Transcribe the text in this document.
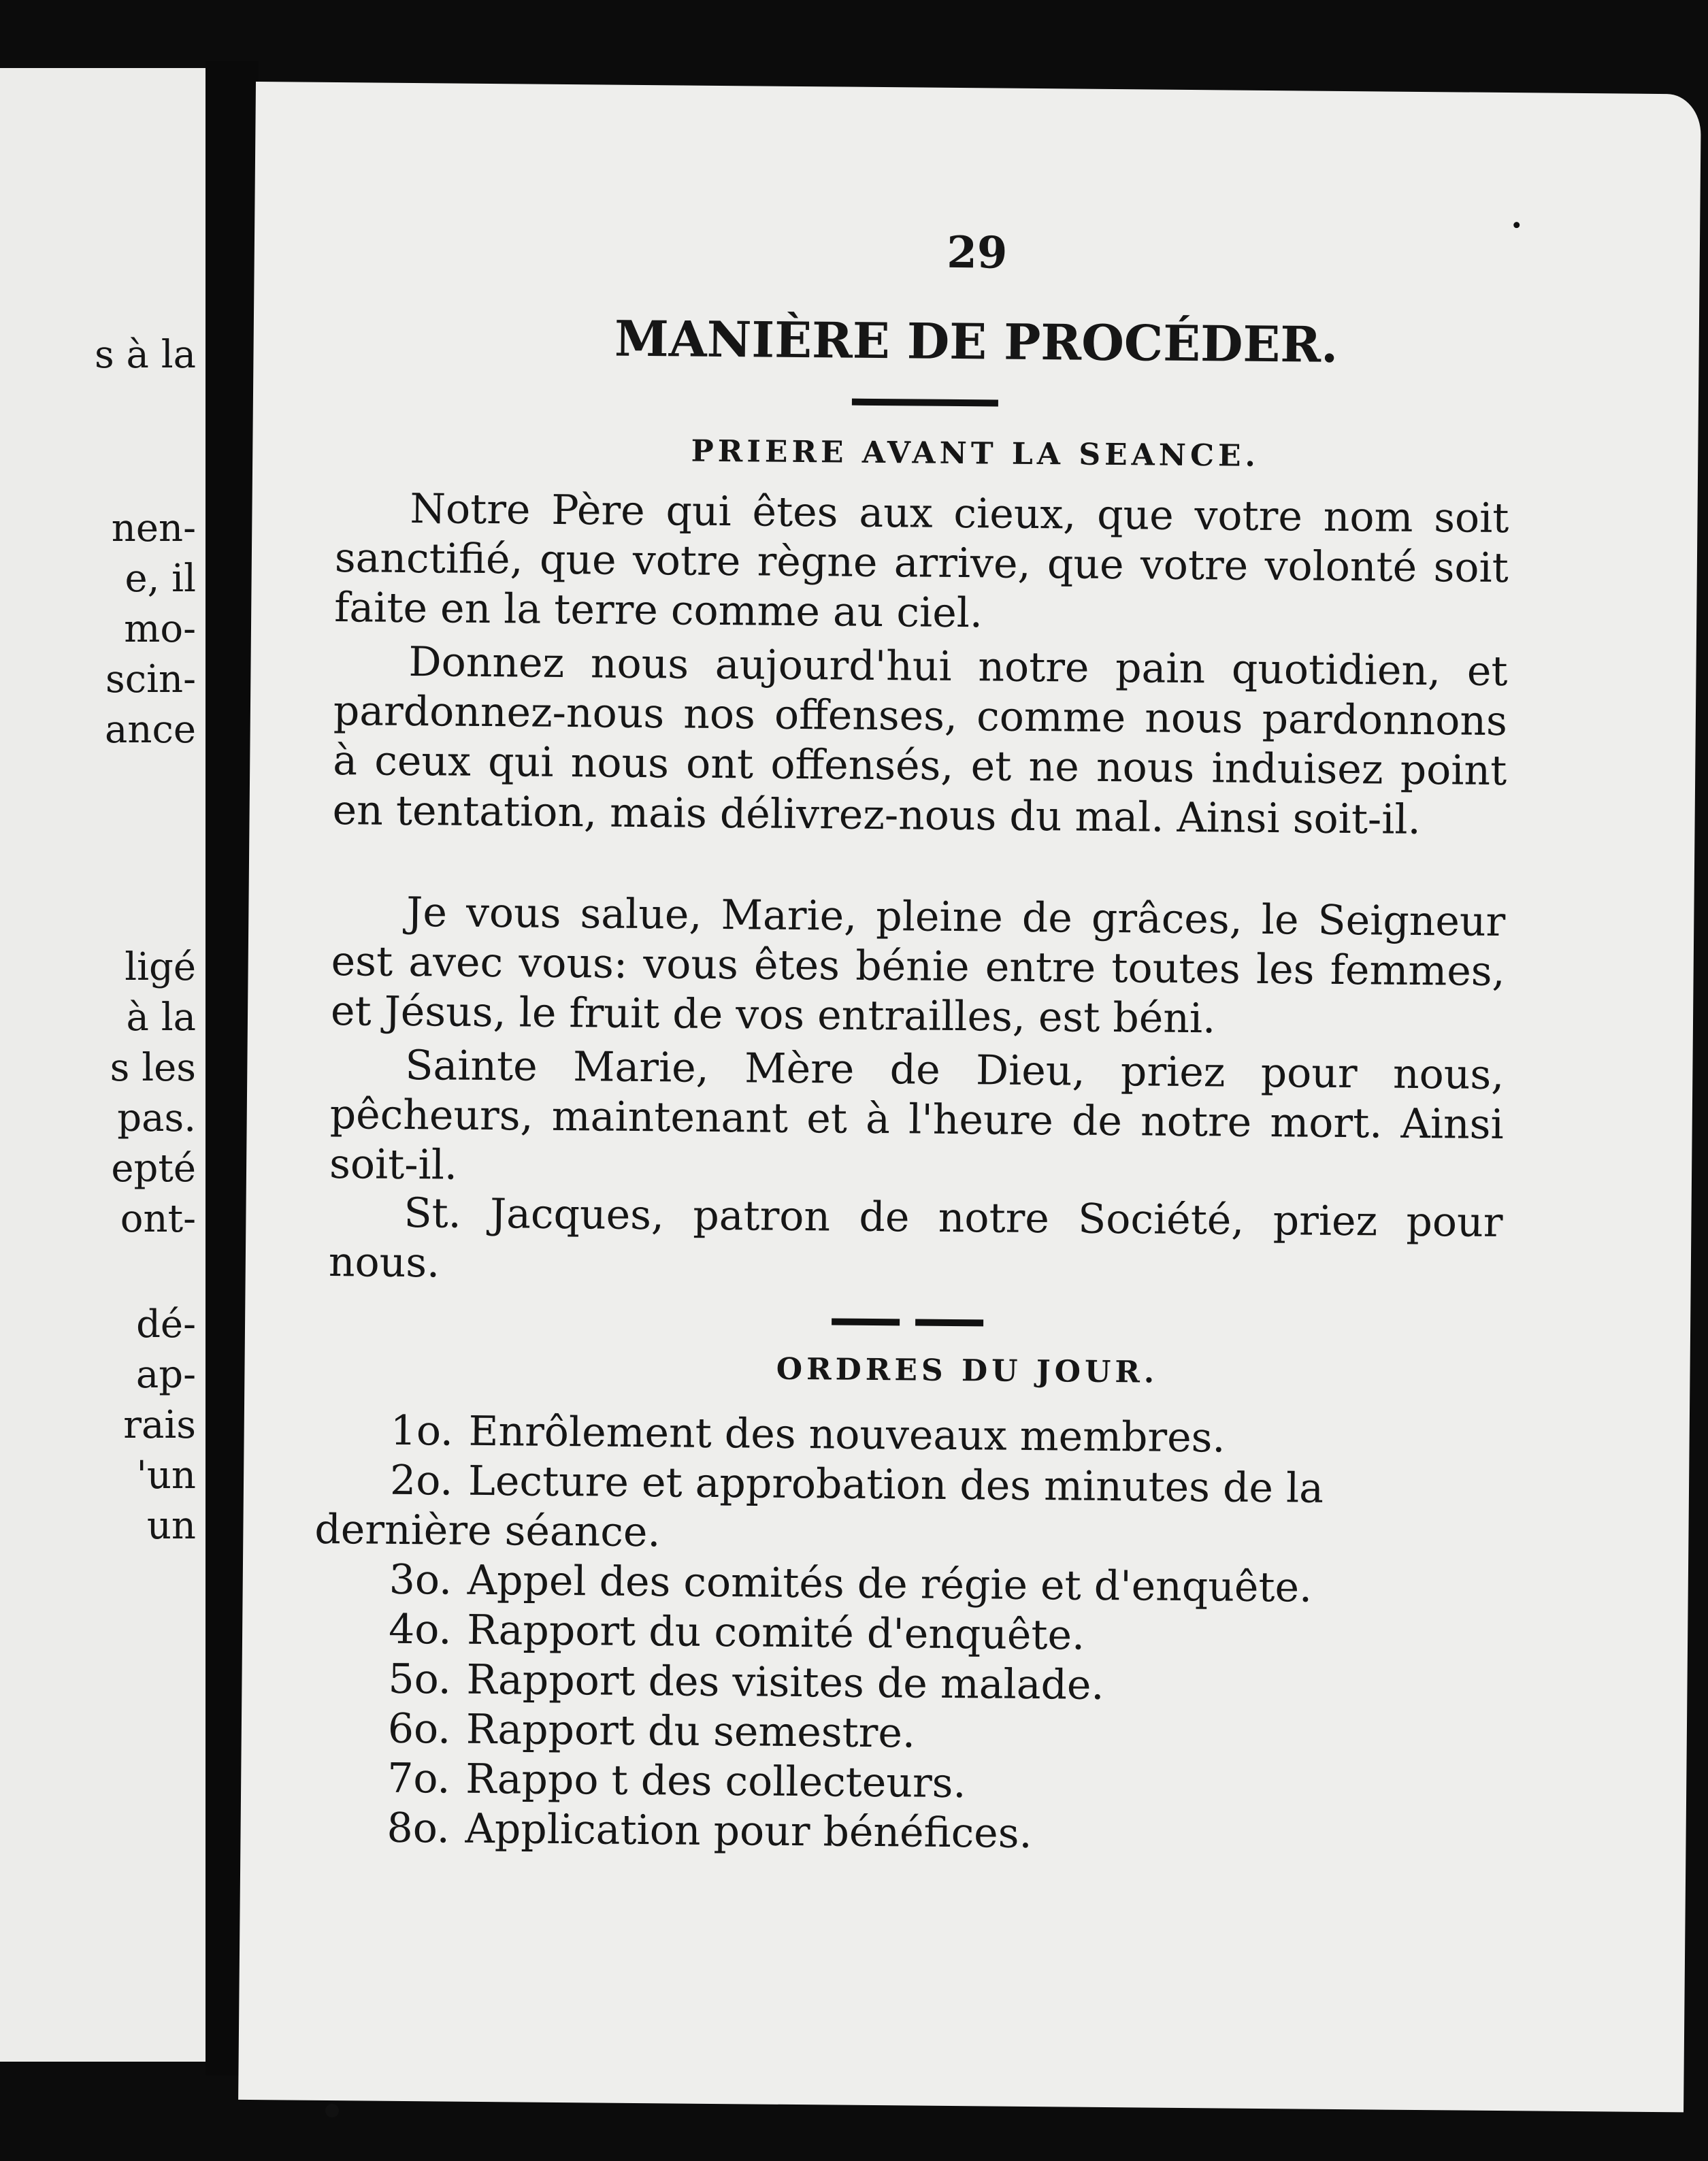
s à la
nen-
e, il
mo-
scin-
ance
ligé
à la
s les
pas.
epté
ont-
dé-
ap-
rais
'un
un
29
MANIÈRE DE PROCÉDER.
PRIERE AVANT LA SEANCE.

Notre Père qui êtes aux cieux, que votre nom soit sanctifié, que votre règne arrive, que votre volonté soit faite en la terre comme au ciel.

Donnez nous aujourd'hui notre pain quotidien, et pardonnez-nous nos offenses, comme nous pardonnons à ceux qui nous ont offensés, et ne nous induisez point en tentation, mais délivrez-nous du mal. Ainsi soit-il.

Je vous salue, Marie, pleine de grâces, le Seigneur est avec vous: vous êtes bénie entre toutes les femmes, et Jésus, le fruit de vos entrailles, est béni.

Sainte Marie, Mère de Dieu, priez pour nous, pêcheurs, maintenant et à l'heure de notre mort. Ainsi soit-il.

St. Jacques, patron de notre Société, priez pour nous.

ORDRES DU JOUR.
1o. Enrôlement des nouveaux membres.
2o. Lecture et approbation des minutes de la dernière séance.
3o. Appel des comités de régie et d'enquête.
4o. Rapport du comité d'enquête.
5o. Rapport des visites de malade.
6o. Rapport du semestre.
7o. Rappo t des collecteurs.
8o. Application pour bénéfices.
